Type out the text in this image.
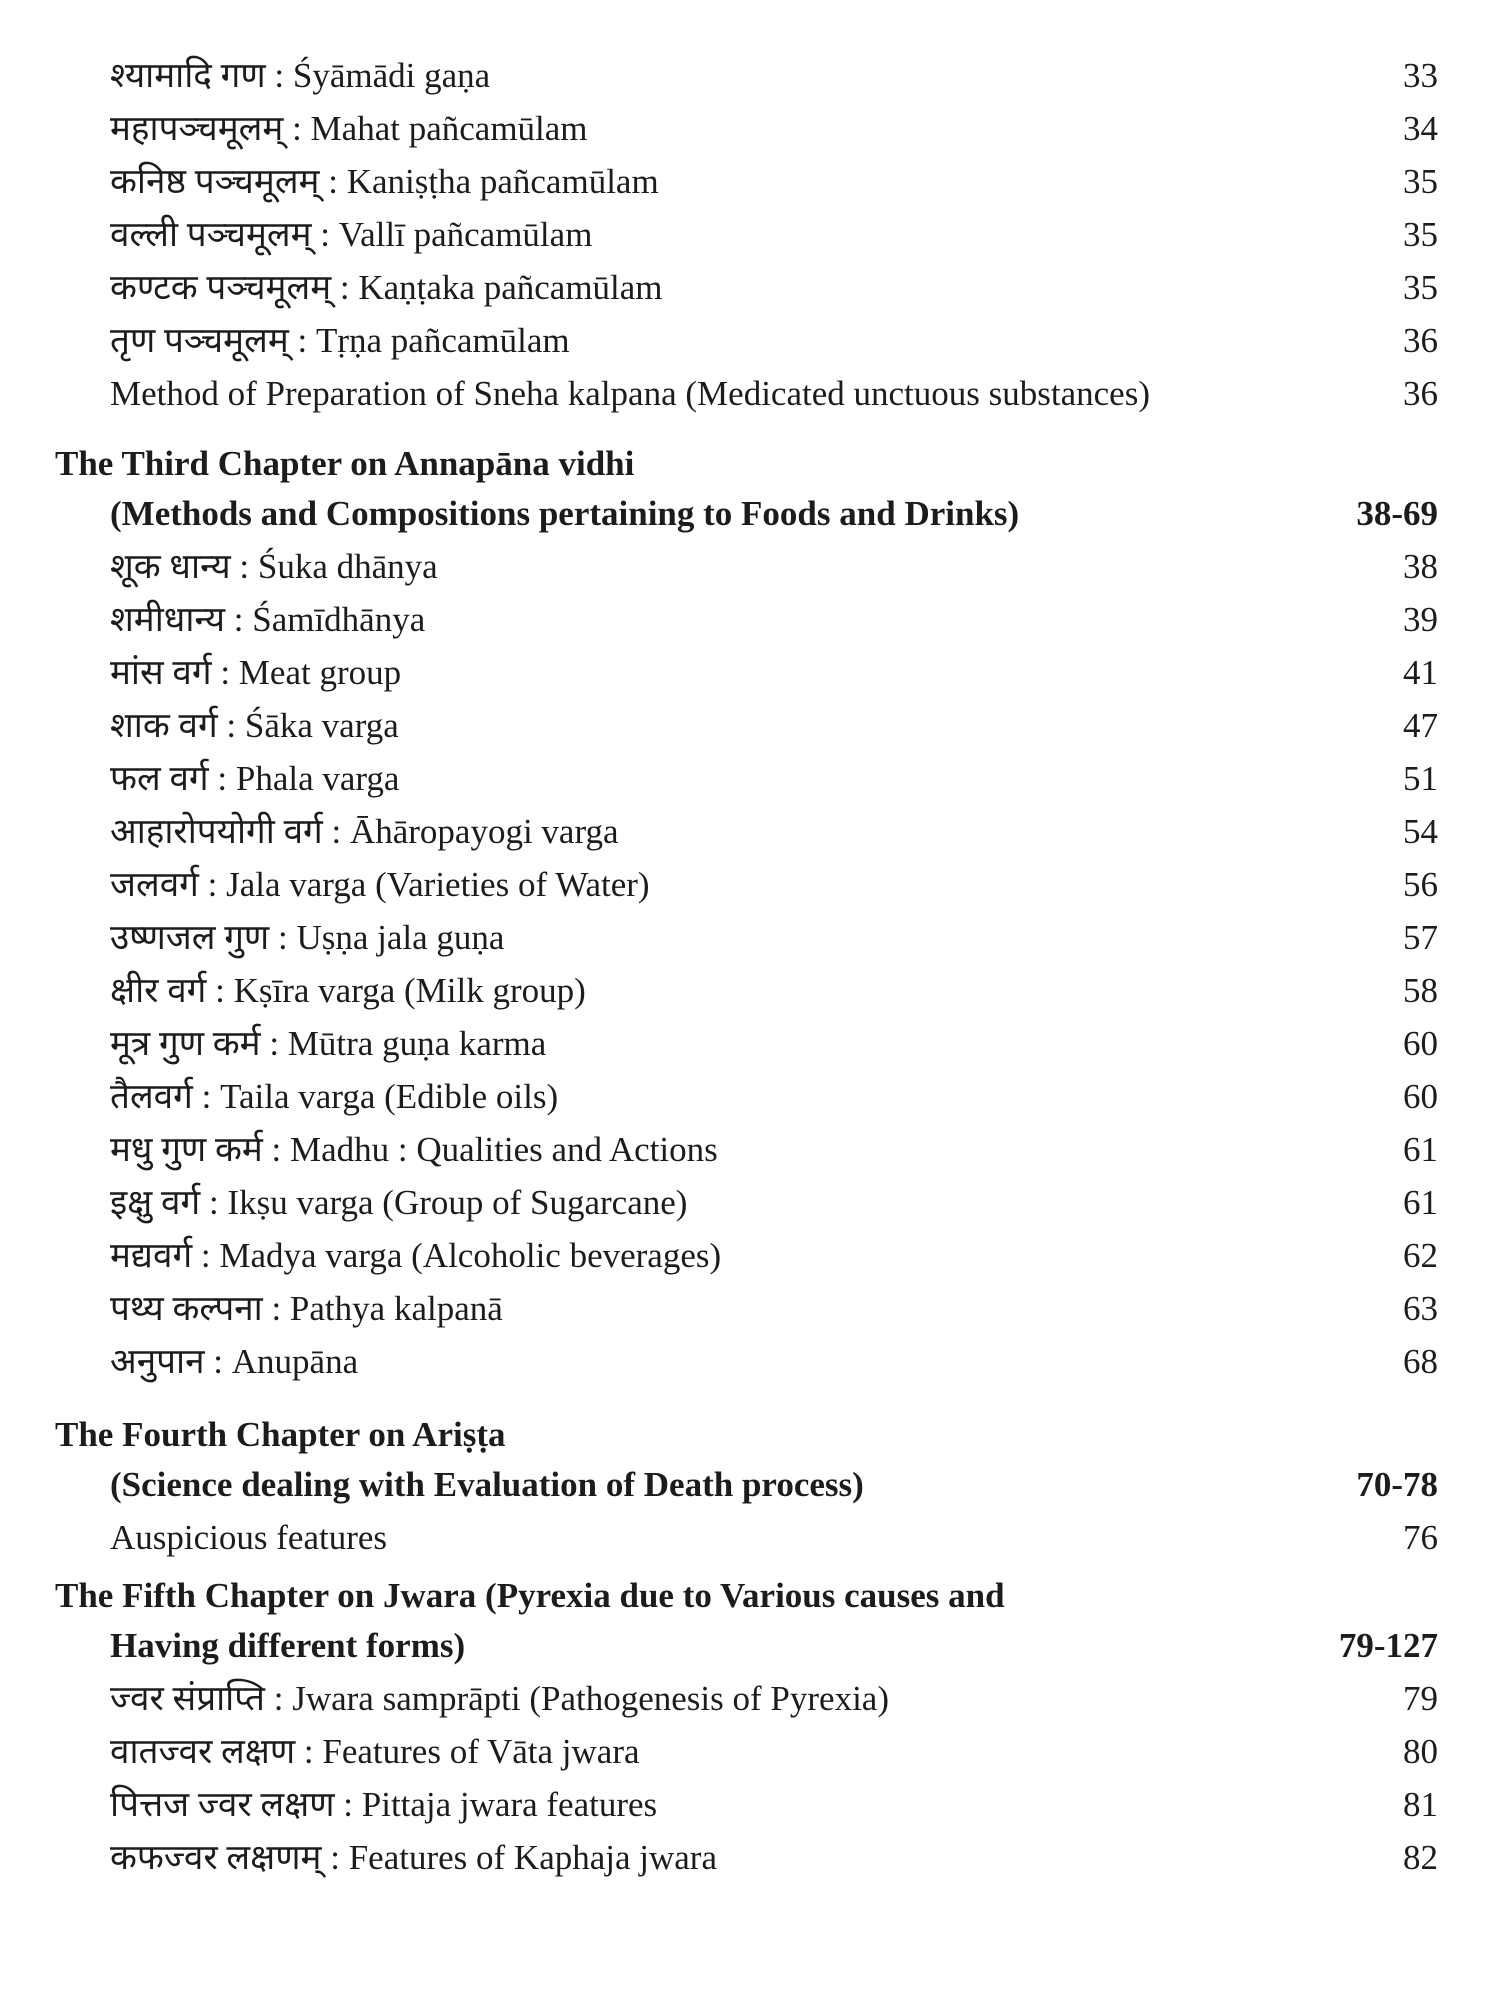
श्यामादि गण : Śyāmādi gaṇa	33
महापञ्चमूलम् : Mahat pañcamūlam	34
कनिष्ठ पञ्चमूलम् : Kaniṣṭha pañcamūlam	35
वल्ली पञ्चमूलम् : Vallī pañcamūlam	35
कण्टक पञ्चमूलम् : Kaṇṭaka pañcamūlam	35
तृण पञ्चमूलम् : Tṛṇa pañcamūlam	36
Method of Preparation of Sneha kalpana (Medicated unctuous substances)	36
The Third Chapter on Annapāna vidhi
(Methods and Compositions pertaining to Foods and Drinks)	38-69
शूक धान्य : Śuka dhānya	38
शमीधान्य : Śamīdhānya	39
मांस वर्ग : Meat group	41
शाक वर्ग : Śāka varga	47
फल वर्ग : Phala varga	51
आहारोपयोगी वर्ग : Āhāropayogi varga	54
जलवर्ग : Jala varga (Varieties of Water)	56
उष्णजल गुण : Uṣṇa jala guṇa	57
क्षीर वर्ग : Kṣīra varga (Milk group)	58
मूत्र गुण कर्म : Mūtra guṇa karma	60
तैलवर्ग : Taila varga (Edible oils)	60
मधु गुण कर्म : Madhu : Qualities and Actions	61
इक्षु वर्ग : Ikṣu varga (Group of Sugarcane)	61
मद्यवर्ग : Madya varga (Alcoholic beverages)	62
पथ्य कल्पना : Pathya kalpanā	63
अनुपान : Anupāna	68
The Fourth Chapter on Ariṣṭa
(Science dealing with Evaluation of Death process)	70-78
Auspicious features	76
The Fifth Chapter on Jwara (Pyrexia due to Various causes and
Having different forms)	79-127
ज्वर संप्राप्ति : Jwara samprāpti (Pathogenesis of Pyrexia)	79
वातज्वर लक्षण : Features of Vāta jwara	80
पित्तज ज्वर लक्षण : Pittaja jwara features	81
कफज्वर लक्षणम् : Features of Kaphaja jwara	82
